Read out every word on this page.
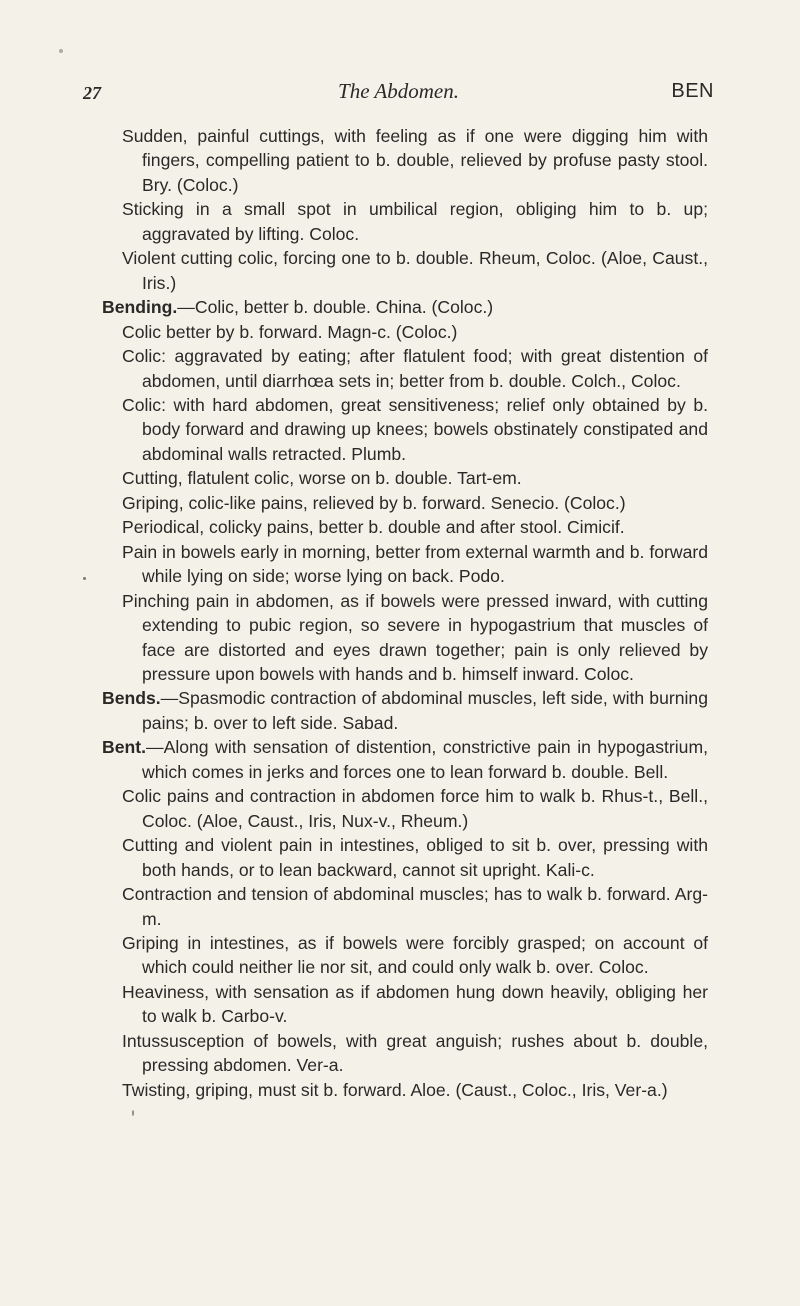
27	The Abdomen.	BEN

Sudden, painful cuttings, with feeling as if one were digging him with fingers, compelling patient to b. double, relieved by profuse pasty stool. Bry. (Coloc.)

Sticking in a small spot in umbilical region, obliging him to b. up; aggravated by lifting. Coloc.

Violent cutting colic, forcing one to b. double. Rheum, Coloc. (Aloe, Caust., Iris.)

Bending.—Colic, better b. double. China. (Coloc.)

Colic better by b. forward. Magn-c. (Coloc.)

Colic: aggravated by eating; after flatulent food; with great distention of abdomen, until diarrhœa sets in; better from b. double. Colch., Coloc.

Colic: with hard abdomen, great sensitiveness; relief only obtained by b. body forward and drawing up knees; bowels obstinately constipated and abdominal walls retracted. Plumb.

Cutting, flatulent colic, worse on b. double. Tart-em.

Griping, colic-like pains, relieved by b. forward. Senecio. (Coloc.)

Periodical, colicky pains, better b. double and after stool. Cimicif.

Pain in bowels early in morning, better from external warmth and b. forward while lying on side; worse lying on back. Podo.

Pinching pain in abdomen, as if bowels were pressed inward, with cutting extending to pubic region, so severe in hypogastrium that muscles of face are distorted and eyes drawn together; pain is only relieved by pressure upon bowels with hands and b. himself inward. Coloc.

Bends.—Spasmodic contraction of abdominal muscles, left side, with burning pains; b. over to left side. Sabad.

Bent.—Along with sensation of distention, constrictive pain in hypogastrium, which comes in jerks and forces one to lean forward b. double. Bell.

Colic pains and contraction in abdomen force him to walk b. Rhus-t., Bell., Coloc. (Aloe, Caust., Iris, Nux-v., Rheum.)

Cutting and violent pain in intestines, obliged to sit b. over, pressing with both hands, or to lean backward, cannot sit upright. Kali-c.

Contraction and tension of abdominal muscles; has to walk b. forward. Arg-m.

Griping in intestines, as if bowels were forcibly grasped; on account of which could neither lie nor sit, and could only walk b. over. Coloc.

Heaviness, with sensation as if abdomen hung down heavily, obliging her to walk b. Carbo-v.

Intussusception of bowels, with great anguish; rushes about b. double, pressing abdomen. Ver-a.

Twisting, griping, must sit b. forward. Aloe. (Caust., Coloc., Iris, Ver-a.)
